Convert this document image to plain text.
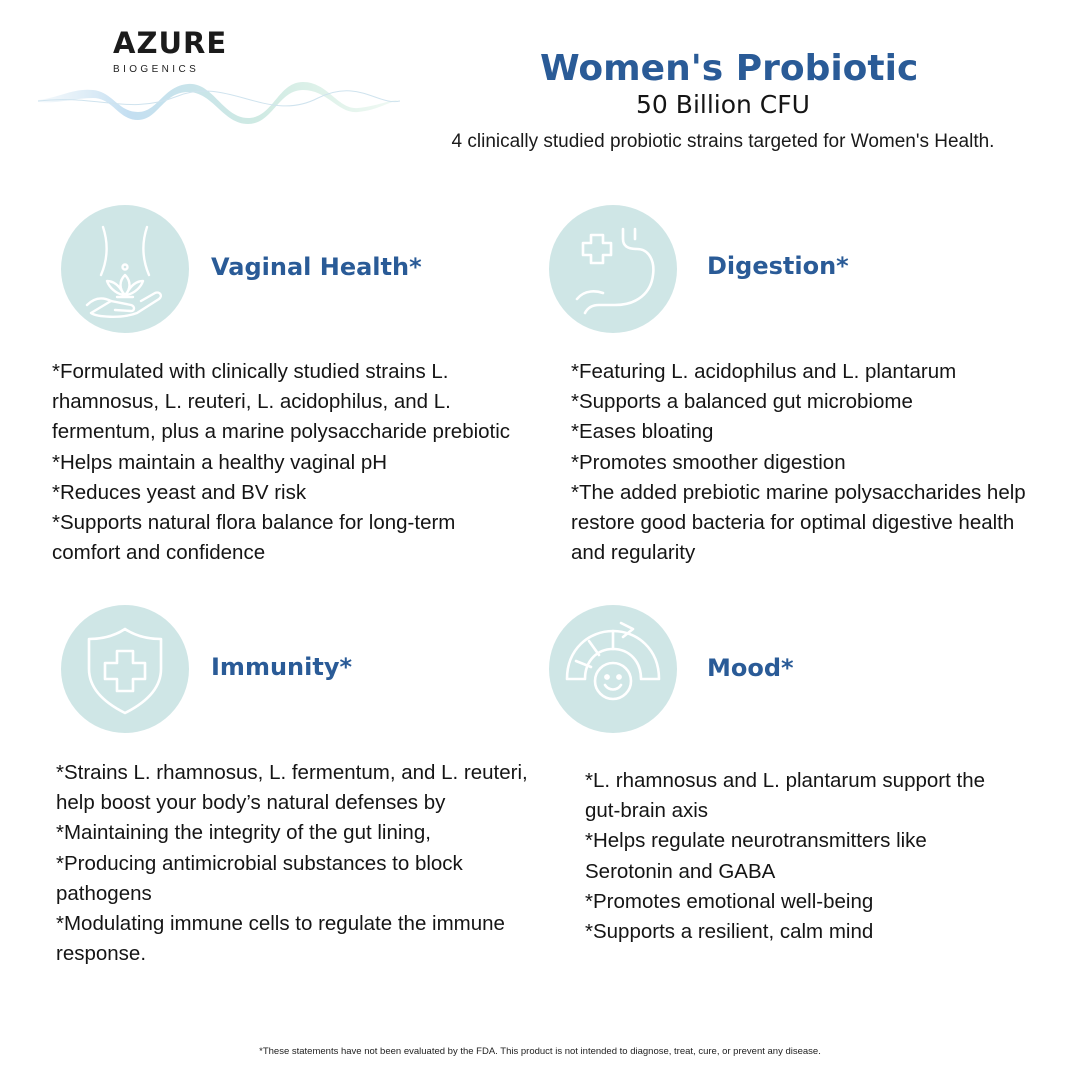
AZURE
BIOGENICS	Women's Probiotic
50 Billion CFU
4 clinically studied probiotic strains targeted for Women's Health.
Vaginal Health*
*Formulated with clinically studied strains L.
rhamnosus, L. reuteri, L. acidophilus, and L.
fermentum, plus a marine polysaccharide prebiotic
*Helps maintain a healthy vaginal pH
*Reduces yeast and BV risk
*Supports natural flora balance for long-term
comfort and confidence
Digestion*
*Featuring L. acidophilus and L. plantarum
*Supports a balanced gut microbiome
*Eases bloating
*Promotes smoother digestion
*The added prebiotic marine polysaccharides help
restore good bacteria for optimal digestive health
and regularity
Immunity*
*Strains L. rhamnosus, L. fermentum, and L. reuteri,
help boost your body’s natural defenses by
*Maintaining the integrity of the gut lining,
*Producing antimicrobial substances to block
pathogens
*Modulating immune cells to regulate the immune
response.
Mood*
*L. rhamnosus and L. plantarum support the
gut-brain axis
*Helps regulate neurotransmitters like
Serotonin and GABA
*Promotes emotional well-being
*Supports a resilient, calm mind
*These statements have not been evaluated by the FDA. This product is not intended to diagnose, treat, cure, or prevent any disease.
